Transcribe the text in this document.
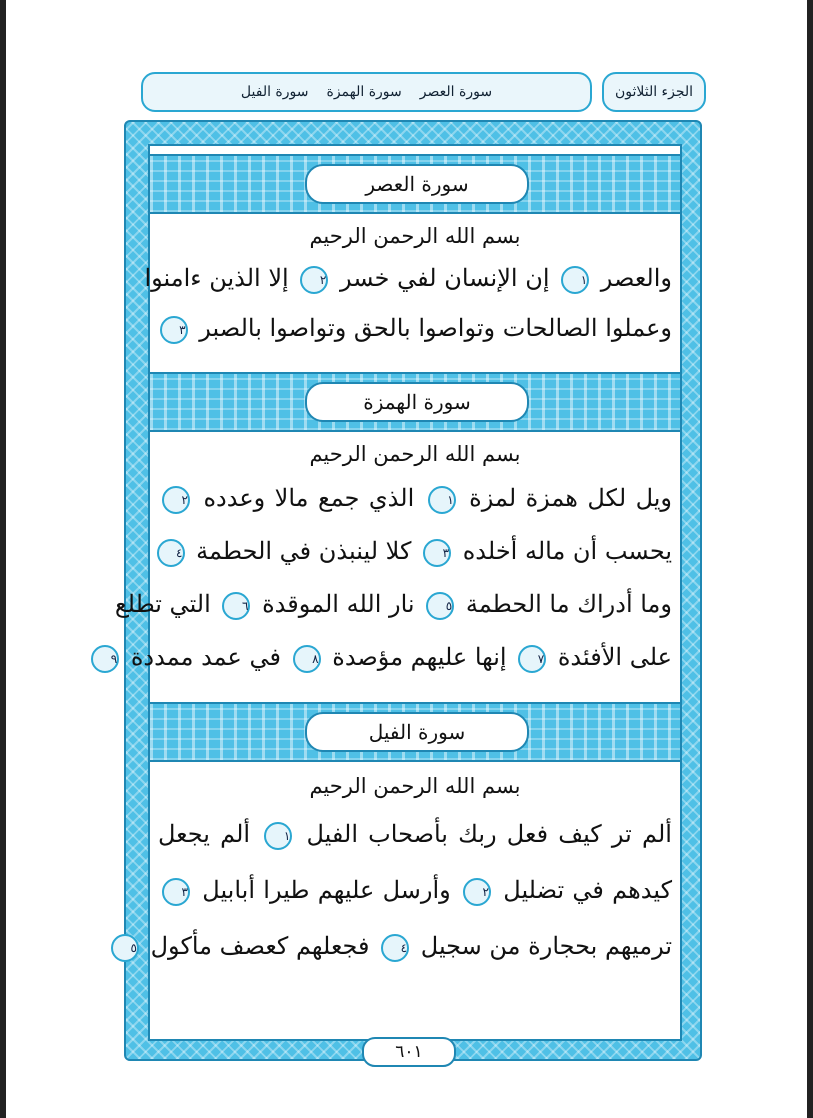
الجزء الثلاثون
سورة العصر
سورة الهمزة
سورة الفيل
سورة العصر
بسم الله الرحمن الرحيم
والعصر ١ إن الإنسان لفي خسر ٢ إلا الذين ءامنوا
وعملوا الصالحات وتواصوا بالحق وتواصوا بالصبر ٣
سورة الهمزة
بسم الله الرحمن الرحيم
ويل لكل همزة لمزة ١ الذي جمع مالا وعدده ٢
يحسب أن ماله أخلده ٣ كلا لينبذن في الحطمة ٤
وما أدراك ما الحطمة ٥ نار الله الموقدة ٦ التي تطلع
على الأفئدة ٧ إنها عليهم مؤصدة ٨ في عمد ممددة ٩
سورة الفيل
بسم الله الرحمن الرحيم
ألم تر كيف فعل ربك بأصحاب الفيل ١ ألم يجعل
كيدهم في تضليل ٢ وأرسل عليهم طيرا أبابيل ٣
ترميهم بحجارة من سجيل ٤ فجعلهم كعصف مأكول ٥
٦٠١
